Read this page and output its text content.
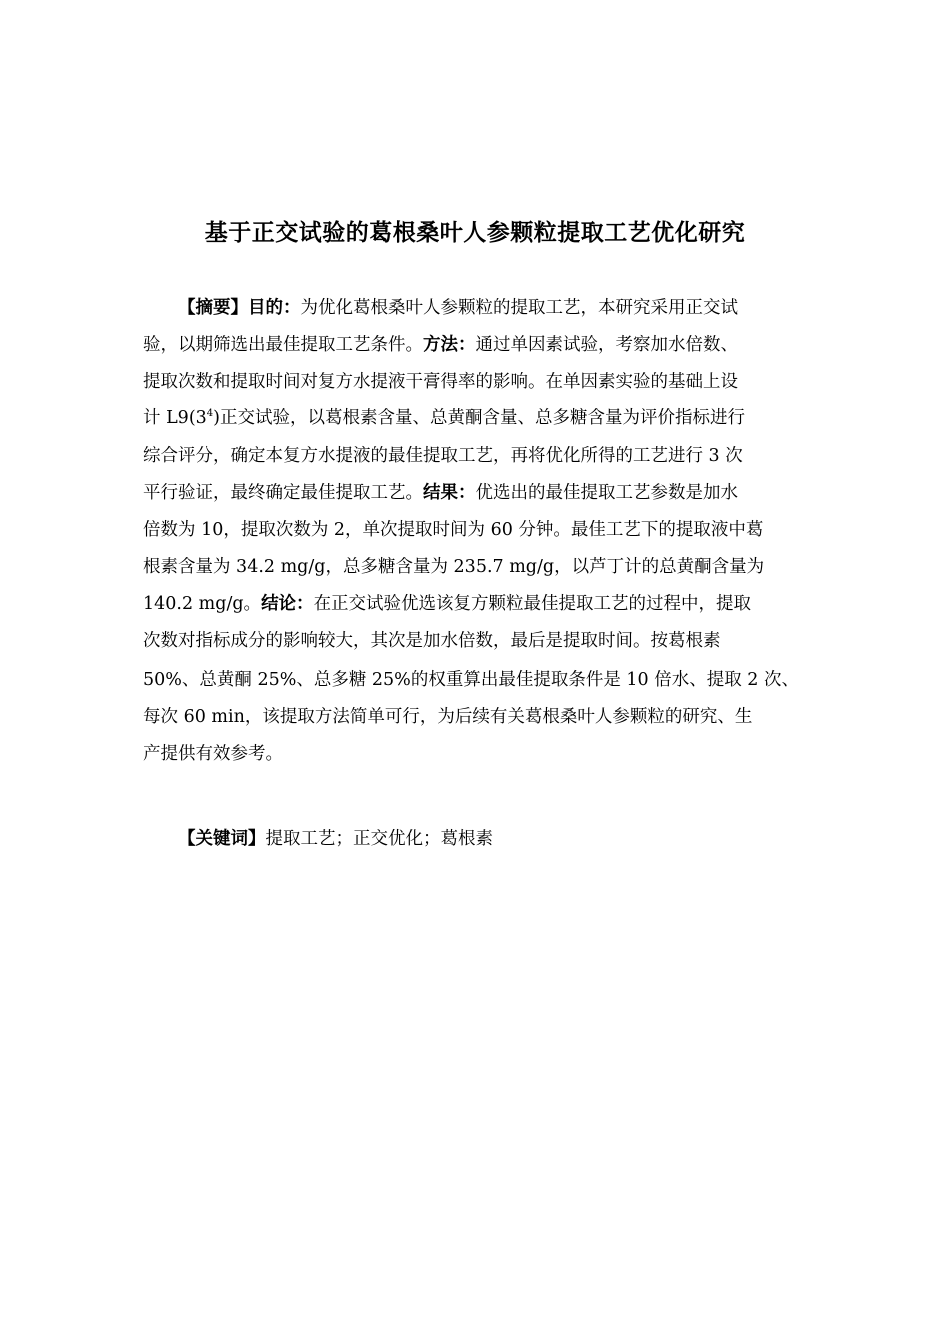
基于正交试验的葛根桑叶人参颗粒提取工艺优化研究
【摘要】目的：为优化葛根桑叶人参颗粒的提取工艺，本研究采用正交试
验，以期筛选出最佳提取工艺条件。方法：通过单因素试验，考察加水倍数、
提取次数和提取时间对复方水提液干膏得率的影响。在单因素实验的基础上设
计 $L9(3^4)$正交试验，以葛根素含量、总黄酮含量、总多糖含量为评价指标进行
综合评分，确定本复方水提液的最佳提取工艺，再将优化所得的工艺进行 3 次
平行验证，最终确定最佳提取工艺。结果：优选出的最佳提取工艺参数是加水
倍数为 10，提取次数为 2，单次提取时间为 60 分钟。最佳工艺下的提取液中葛
根素含量为 34.2 mg/g，总多糖含量为 235.7 mg/g，以芦丁计的总黄酮含量为
140.2 mg/g。结论：在正交试验优选该复方颗粒最佳提取工艺的过程中，提取
次数对指标成分的影响较大，其次是加水倍数，最后是提取时间。按葛根素
50%、总黄酮 25%、总多糖 25%的权重算出最佳提取条件是 10 倍水、提取 2 次、
每次 60 min，该提取方法简单可行，为后续有关葛根桑叶人参颗粒的研究、生
产提供有效参考。
【关键词】提取工艺；正交优化；葛根素
